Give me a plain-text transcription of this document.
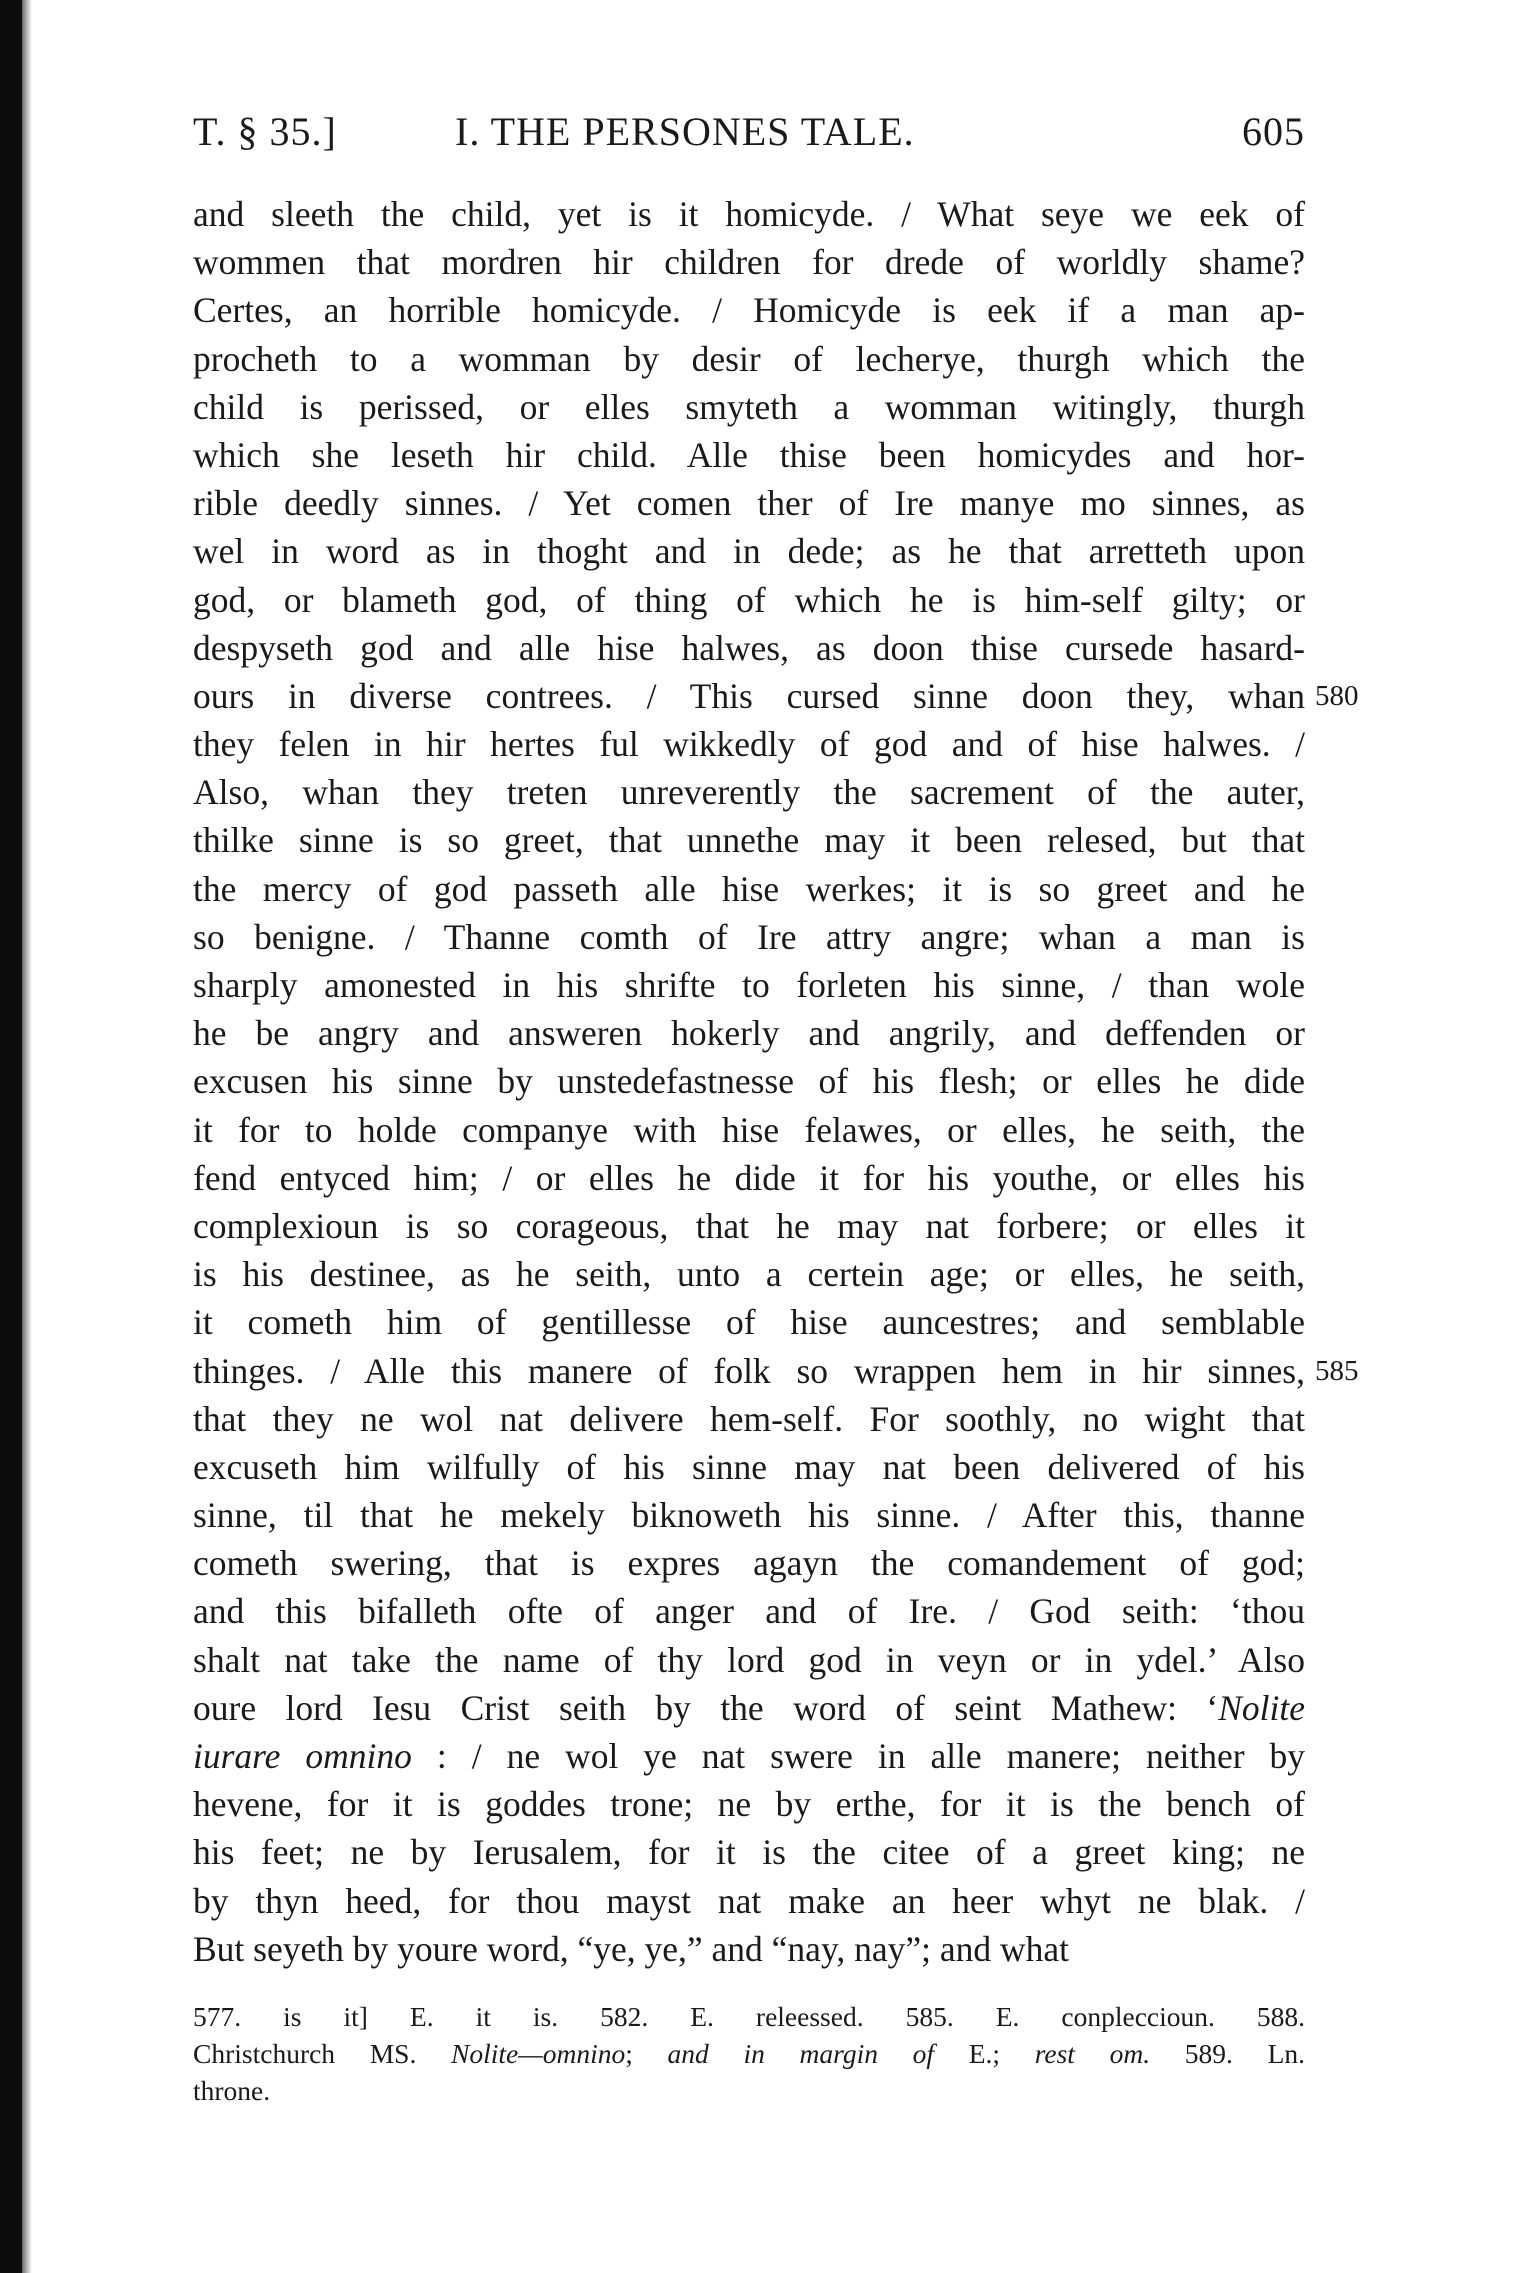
T. § 35.]	I. THE PERSONES TALE.	605
and sleeth the child, yet is it homicyde. / What seye we eek of
wommen that mordren hir children for drede of worldly shame?
Certes, an horrible homicyde. / Homicyde is eek if a man ap-
procheth to a womman by desir of lecherye, thurgh which the
child is perissed, or elles smyteth a womman witingly, thurgh
which she leseth hir child. Alle thise been homicydes and hor-
rible deedly sinnes. / Yet comen ther of Ire manye mo sinnes, as
wel in word as in thoght and in dede; as he that arretteth upon
god, or blameth god, of thing of which he is him-self gilty; or
despyseth god and alle hise halwes, as doon thise cursede hasard-
ours in diverse contrees. / This cursed sinne doon they, whan 580
they felen in hir hertes ful wikkedly of god and of hise halwes. /
Also, whan they treten unreverently the sacrement of the auter,
thilke sinne is so greet, that unnethe may it been relesed, but that
the mercy of god passeth alle hise werkes; it is so greet and he
so benigne. / Thanne comth of Ire attry angre; whan a man is
sharply amonested in his shrifte to forleten his sinne, / than wole
he be angry and answeren hokerly and angrily, and deffenden or
excusen his sinne by unstedefastnesse of his flesh; or elles he dide
it for to holde companye with hise felawes, or elles, he seith, the
fend entyced him; / or elles he dide it for his youthe, or elles his
complexioun is so corageous, that he may nat forbere; or elles it
is his destinee, as he seith, unto a certein age; or elles, he seith,
it cometh him of gentillesse of hise auncestres; and semblable
thinges. / Alle this manere of folk so wrappen hem in hir sinnes, 585
that they ne wol nat delivere hem-self. For soothly, no wight that
excuseth him wilfully of his sinne may nat been delivered of his
sinne, til that he mekely biknoweth his sinne. / After this, thanne
cometh swering, that is expres agayn the comandement of god;
and this bifalleth ofte of anger and of Ire. / God seith: ‘thou
shalt nat take the name of thy lord god in veyn or in ydel.’ Also
oure lord Iesu Crist seith by the word of seint Mathew: ‘Nolite
iurare omnino : / ne wol ye nat swere in alle manere; neither by
hevene, for it is goddes trone; ne by erthe, for it is the bench of
his feet; ne by Ierusalem, for it is the citee of a greet king; ne
by thyn heed, for thou mayst nat make an heer whyt ne blak. /
But seyeth by youre word, “ye, ye,” and “nay, nay”; and what
577. is it] E. it is. 582. E. releessed. 585. E. conpleccioun. 588.
Christchurch MS. Nolite—omnino; and in margin of E.; rest om. 589. Ln.
throne.
